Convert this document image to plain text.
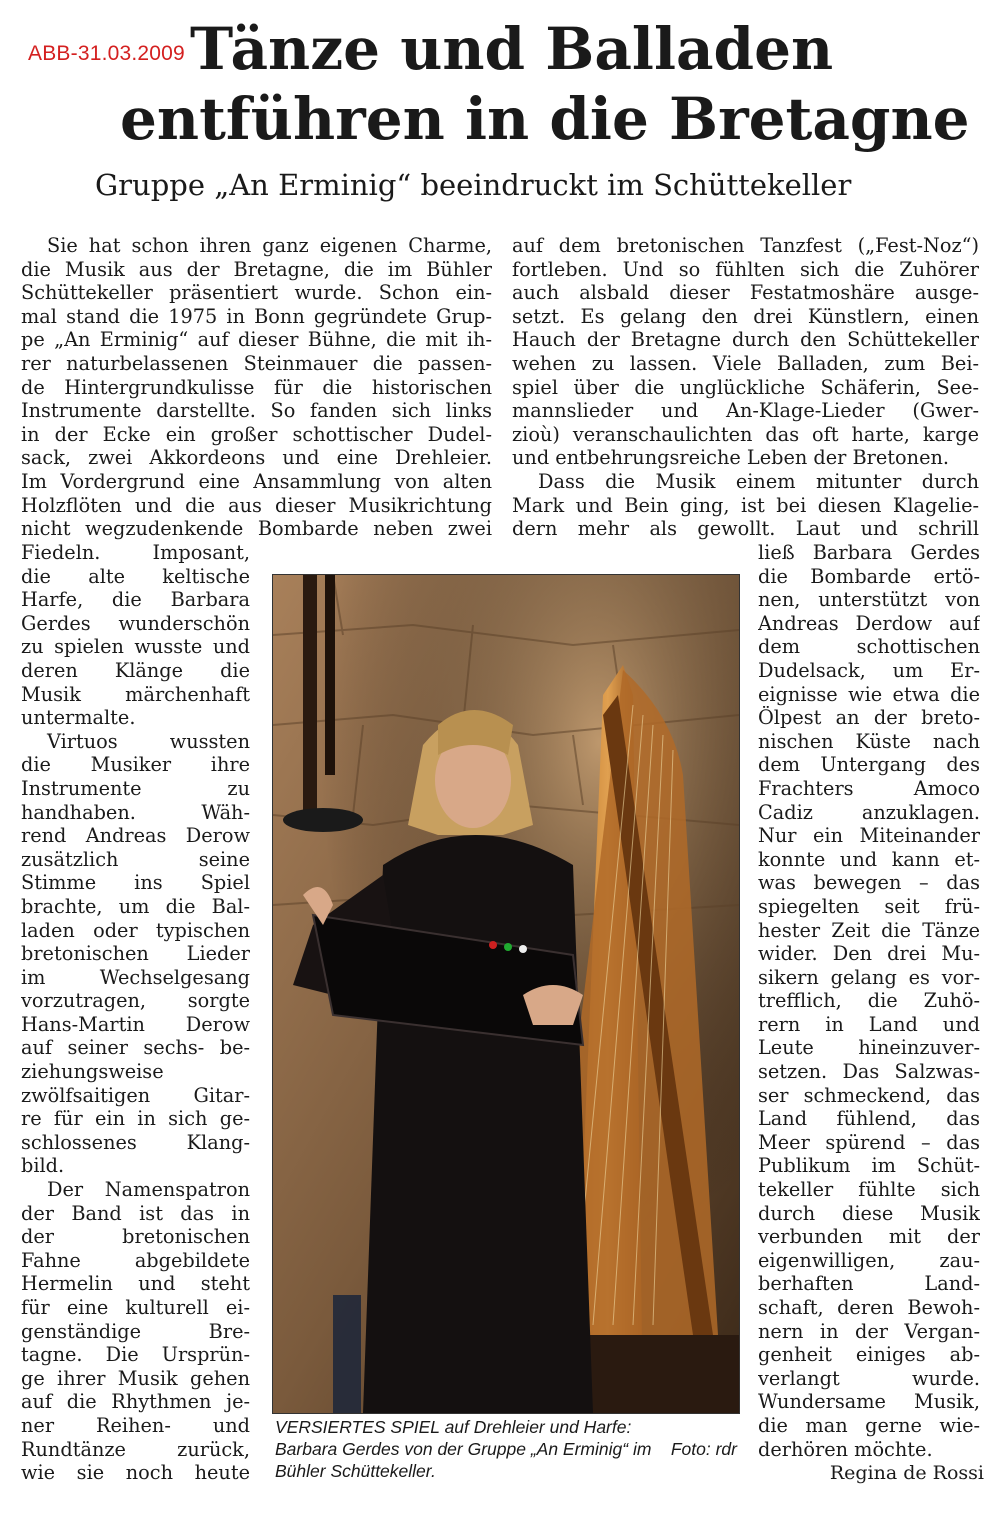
ABB-31.03.2009 Tänze und Balladen
entführen in die Bretagne
Gruppe „An Erminig“ beeindruckt im Schüttekeller
Sie hat schon ihren ganz eigenen Charme,
die Musik aus der Bretagne, die im Bühler
Schüttekeller präsentiert wurde. Schon ein-
mal stand die 1975 in Bonn gegründete Grup-
pe „An Erminig“ auf dieser Bühne, die mit ih-
rer naturbelassenen Steinmauer die passen-
de Hintergrundkulisse für die historischen
Instrumente darstellte. So fanden sich links
in der Ecke ein großer schottischer Dudel-
sack, zwei Akkordeons und eine Drehleier.
Im Vordergrund eine Ansammlung von alten
Holzflöten und die aus dieser Musikrichtung
nicht wegzudenkende Bombarde neben zwei
Fiedeln. Imposant,
die alte keltische
Harfe, die Barbara
Gerdes wunderschön
zu spielen wusste und
deren Klänge die
Musik märchenhaft
untermalte.
Virtuos wussten
die Musiker ihre
Instrumente zu
handhaben. Wäh-
rend Andreas Derow
zusätzlich seine
Stimme ins Spiel
brachte, um die Bal-
laden oder typischen
bretonischen Lieder
im Wechselgesang
vorzutragen, sorgte
Hans-Martin Derow
auf seiner sechs- be-
ziehungsweise
zwölfsaitigen Gitar-
re für ein in sich ge-
schlossenes Klang-
bild.
Der Namenspatron
der Band ist das in
der bretonischen
Fahne abgebildete
Hermelin und steht
für eine kulturell ei-
genständige Bre-
tagne. Die Ursprün-
ge ihrer Musik gehen
auf die Rhythmen je-
ner Reihen- und
Rundtänze zurück,
wie sie noch heute
auf dem bretonischen Tanzfest („Fest-Noz“)
fortleben. Und so fühlten sich die Zuhörer
auch alsbald dieser Festatmoshäre ausge-
setzt. Es gelang den drei Künstlern, einen
Hauch der Bretagne durch den Schüttekeller
wehen zu lassen. Viele Balladen, zum Bei-
spiel über die unglückliche Schäferin, See-
mannslieder und An-Klage-Lieder (Gwer-
zioù) veranschaulichten das oft harte, karge
und entbehrungsreiche Leben der Bretonen.
Dass die Musik einem mitunter durch
Mark und Bein ging, ist bei diesen Klagelie-
dern mehr als gewollt. Laut und schrill
ließ Barbara Gerdes
die Bombarde ertö-
nen, unterstützt von
Andreas Derdow auf
dem schottischen
Dudelsack, um Er-
eignisse wie etwa die
Ölpest an der breto-
nischen Küste nach
dem Untergang des
Frachters Amoco
Cadiz anzuklagen.
Nur ein Miteinander
konnte und kann et-
was bewegen – das
spiegelten seit frü-
hester Zeit die Tänze
wider. Den drei Mu-
sikern gelang es vor-
trefflich, die Zuhö-
rern in Land und
Leute hineinzuver-
setzen. Das Salzwas-
ser schmeckend, das
Land fühlend, das
Meer spürend – das
Publikum im Schüt-
tekeller fühlte sich
durch diese Musik
verbunden mit der
eigenwilligen, zau-
berhaften Land-
schaft, deren Bewoh-
nern in der Vergan-
genheit einiges ab-
verlangt wurde.
Wundersame Musik,
die man gerne wie-
derhören möchte.
VERSIERTES SPIEL auf Drehleier und Harfe:
Barbara Gerdes von der Gruppe „An Erminig“ im
Bühler Schüttekeller.
Foto: rdr
Regina de Rossi
